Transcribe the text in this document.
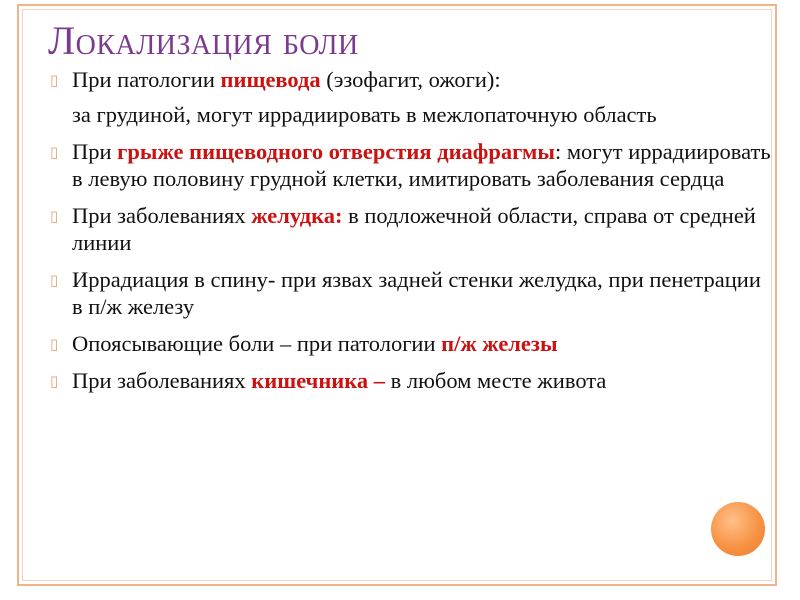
Локализация боли
▯ При патологии пищевода (эзофагит, ожоги):
за грудиной, могут иррадиировать в межлопаточную область
▯ При грыже пищеводного отверстия диафрагмы: могут иррадиировать в левую половину грудной клетки, имитировать заболевания сердца
▯ При заболеваниях желудка: в подложечной области, справа от средней линии
▯ Иррадиация в спину- при язвах задней стенки желудка, при пенетрации в п/ж железу
▯ Опоясывающие боли – при патологии п/ж железы
▯ При заболеваниях кишечника – в любом месте живота
